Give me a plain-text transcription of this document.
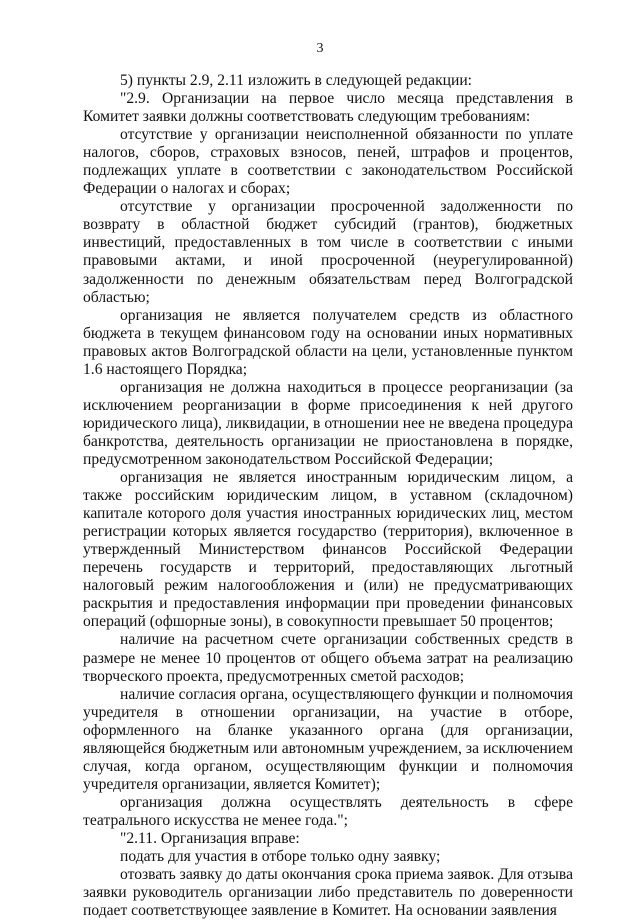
3

5) пункты 2.9, 2.11 изложить в следующей редакции:

"2.9. Организации на первое число месяца представления в Комитет заявки должны соответствовать следующим требованиям:

отсутствие у организации неисполненной обязанности по уплате налогов, сборов, страховых взносов, пеней, штрафов и процентов, подлежащих уплате в соответствии с законодательством Российской Федерации о налогах и сборах;

отсутствие у организации просроченной задолженности по возврату в областной бюджет субсидий (грантов), бюджетных инвестиций, предоставленных в том числе в соответствии с иными правовыми актами, и иной просроченной (неурегулированной) задолженности по денежным обязательствам перед Волгоградской областью;

организация не является получателем средств из областного бюджета в текущем финансовом году на основании иных нормативных правовых актов Волгоградской области на цели, установленные пунктом 1.6 настоящего Порядка;

организация не должна находиться в процессе реорганизации (за исключением реорганизации в форме присоединения к ней другого юридического лица), ликвидации, в отношении нее не введена процедура банкротства, деятельность организации не приостановлена в порядке, предусмотренном законодательством Российской Федерации;

организация не является иностранным юридическим лицом, а также российским юридическим лицом, в уставном (складочном) капитале которого доля участия иностранных юридических лиц, местом регистрации которых является государство (территория), включенное в утвержденный Министерством финансов Российской Федерации перечень государств и территорий, предоставляющих льготный налоговый режим налогообложения и (или) не предусматривающих раскрытия и предоставления информации при проведении финансовых операций (офшорные зоны), в совокупности превышает 50 процентов;

наличие на расчетном счете организации собственных средств в размере не менее 10 процентов от общего объема затрат на реализацию творческого проекта, предусмотренных сметой расходов;

наличие согласия органа, осуществляющего функции и полномочия учредителя в отношении организации, на участие в отборе, оформленного на бланке указанного органа (для организации, являющейся бюджетным или автономным учреждением, за исключением случая, когда органом, осуществляющим функции и полномочия учредителя организации, является Комитет);

организация должна осуществлять деятельность в сфере театрального искусства не менее года.";

"2.11. Организация вправе:

подать для участия в отборе только одну заявку;

отозвать заявку до даты окончания срока приема заявок. Для отзыва заявки руководитель организации либо представитель по доверенности подает соответствующее заявление в Комитет. На основании заявления
